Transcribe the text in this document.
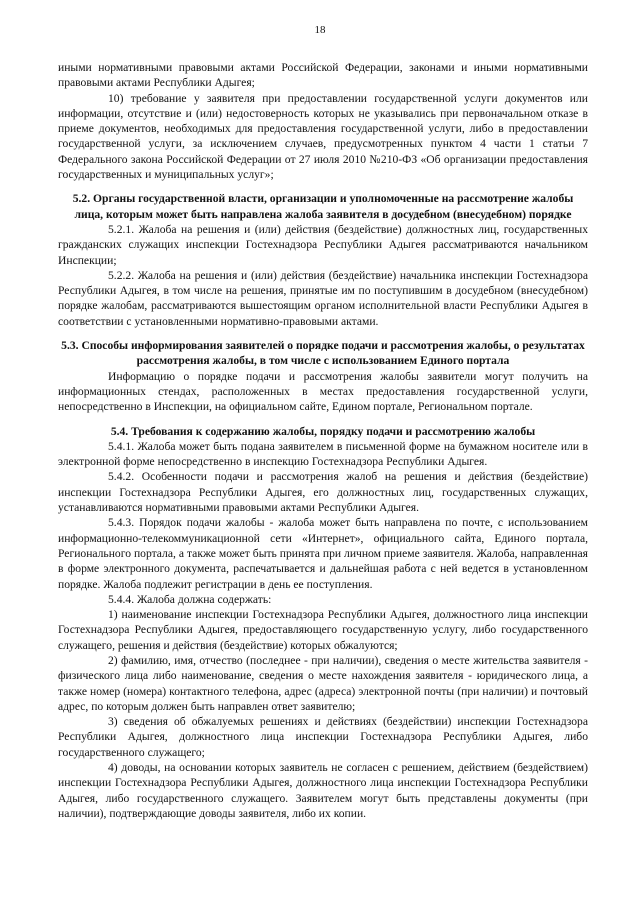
18

иными нормативными правовыми актами Российской Федерации, законами и иными нормативными правовыми актами Республики Адыгея;

10) требование у заявителя при предоставлении государственной услуги документов или информации, отсутствие и (или) недостоверность которых не указывались при первоначальном отказе в приеме документов, необходимых для предоставления государственной услуги, либо в предоставлении государственной услуги, за исключением случаев, предусмотренных пунктом 4 части 1 статьи 7 Федерального закона Российской Федерации от 27 июля 2010 №210-ФЗ «Об организации предоставления государственных и муниципальных услуг»;

5.2. Органы государственной власти, организации и уполномоченные на рассмотрение жалобы лица, которым может быть направлена жалоба заявителя в досудебном (внесудебном) порядке

5.2.1. Жалоба на решения и (или) действия (бездействие) должностных лиц, государственных гражданских служащих инспекции Гостехнадзора Республики Адыгея рассматриваются начальником Инспекции;

5.2.2. Жалоба на решения и (или) действия (бездействие) начальника инспекции Гостехнадзора Республики Адыгея, в том числе на решения, принятые им по поступившим в досудебном (внесудебном) порядке жалобам, рассматриваются вышестоящим органом исполнительной власти Республики Адыгея в соответствии с установленными нормативно-правовыми актами.

5.3. Способы информирования заявителей о порядке подачи и рассмотрения жалобы, о результатах рассмотрения жалобы, в том числе с использованием Единого портала

Информацию о порядке подачи и рассмотрения жалобы заявители могут получить на информационных стендах, расположенных в местах предоставления государственной услуги, непосредственно в Инспекции, на официальном сайте, Едином портале, Региональном портале.

5.4. Требования к содержанию жалобы, порядку подачи и рассмотрению жалобы

5.4.1. Жалоба может быть подана заявителем в письменной форме на бумажном носителе или в электронной форме непосредственно в инспекцию Гостехнадзора Республики Адыгея.

5.4.2. Особенности подачи и рассмотрения жалоб на решения и действия (бездействие) инспекции Гостехнадзора Республики Адыгея, его должностных лиц, государственных служащих, устанавливаются нормативными правовыми актами Республики Адыгея.

5.4.3. Порядок подачи жалобы - жалоба может быть направлена по почте, с использованием информационно-телекоммуникационной сети «Интернет», официального сайта, Единого портала, Регионального портала, а также может быть принята при личном приеме заявителя. Жалоба, направленная в форме электронного документа, распечатывается и дальнейшая работа с ней ведется в установленном порядке. Жалоба подлежит регистрации в день ее поступления.

5.4.4. Жалоба должна содержать:

1) наименование инспекции Гостехнадзора Республики Адыгея, должностного лица инспекции Гостехнадзора Республики Адыгея, предоставляющего государственную услугу, либо государственного служащего, решения и действия (бездействие) которых обжалуются;

2) фамилию, имя, отчество (последнее - при наличии), сведения о месте жительства заявителя - физического лица либо наименование, сведения о месте нахождения заявителя - юридического лица, а также номер (номера) контактного телефона, адрес (адреса) электронной почты (при наличии) и почтовый адрес, по которым должен быть направлен ответ заявителю;

3) сведения об обжалуемых решениях и действиях (бездействии) инспекции Гостехнадзора Республики Адыгея, должностного лица инспекции Гостехнадзора Республики Адыгея, либо государственного служащего;

4) доводы, на основании которых заявитель не согласен с решением, действием (бездействием) инспекции Гостехнадзора Республики Адыгея, должностного лица инспекции Гостехнадзора Республики Адыгея, либо государственного служащего. Заявителем могут быть представлены документы (при наличии), подтверждающие доводы заявителя, либо их копии.
